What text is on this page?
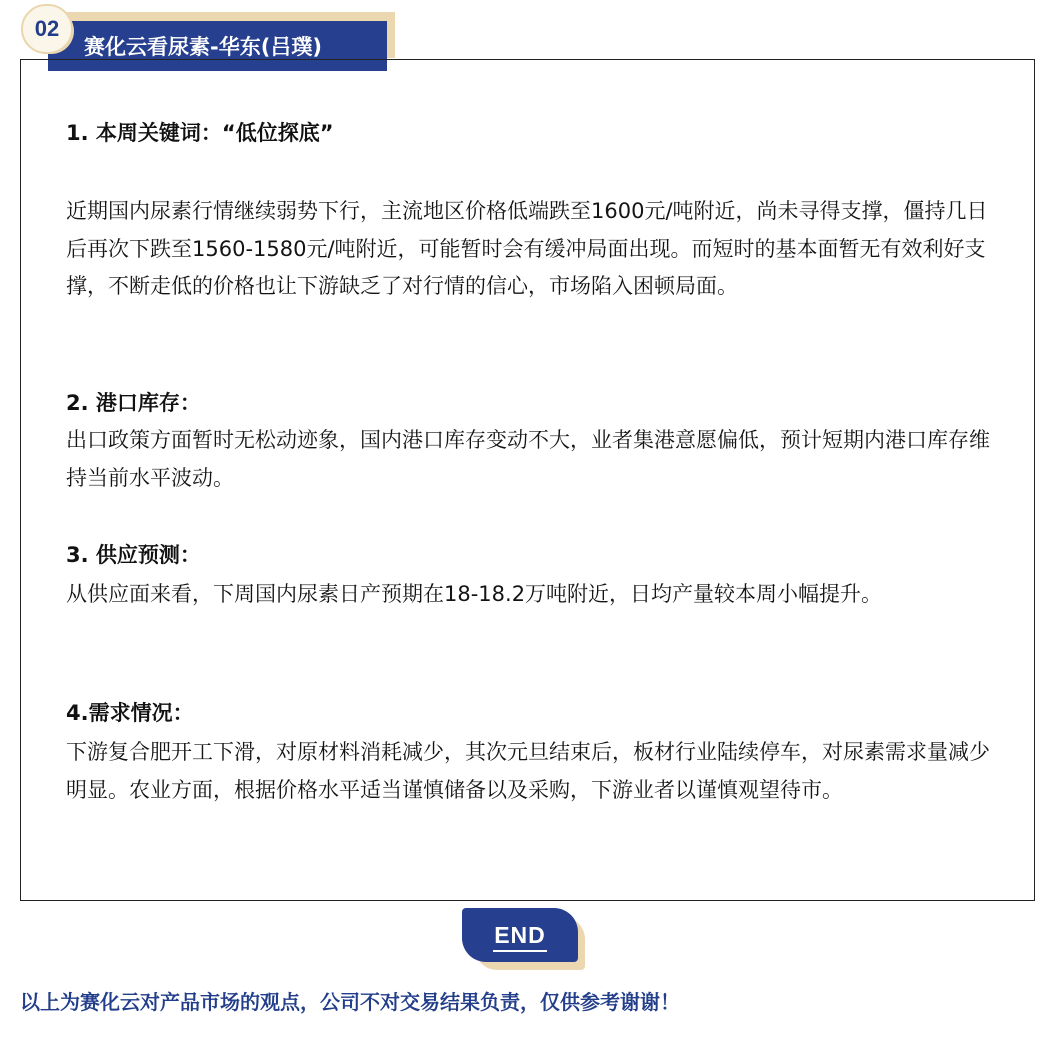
赛化云看尿素-华东(吕璞)
02
1. 本周关键词：“低位探底”
近期国内尿素行情继续弱势下行，主流地区价格低端跌至1600元/吨附近，尚未寻得支撑，僵持几日后再次下跌至1560-1580元/吨附近，可能暂时会有缓冲局面出现。而短时的基本面暂无有效利好支撑，不断走低的价格也让下游缺乏了对行情的信心，市场陷入困顿局面。
2. 港口库存：
出口政策方面暂时无松动迹象，国内港口库存变动不大，业者集港意愿偏低，预计短期内港口库存维持当前水平波动。
3. 供应预测：
从供应面来看，下周国内尿素日产预期在18-18.2万吨附近，日均产量较本周小幅提升。
4.需求情况：
下游复合肥开工下滑，对原材料消耗减少，其次元旦结束后，板材行业陆续停车，对尿素需求量减少明显。农业方面，根据价格水平适当谨慎储备以及采购，下游业者以谨慎观望待市。
END
以上为赛化云对产品市场的观点，公司不对交易结果负责，仅供参考谢谢！
